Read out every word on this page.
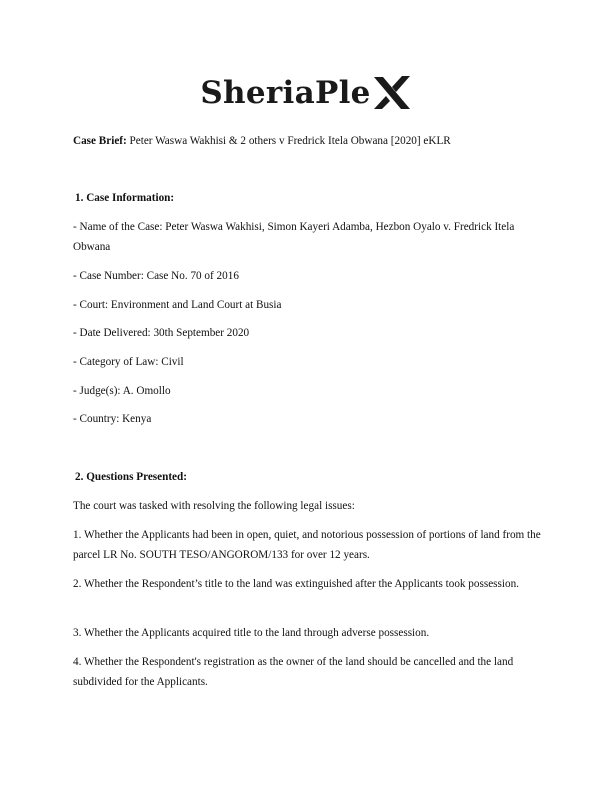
SheriaPle
Case Brief: Peter Waswa Wakhisi & 2 others v Fredrick Itela Obwana [2020] eKLR
1. Case Information:
- Name of the Case: Peter Waswa Wakhisi, Simon Kayeri Adamba, Hezbon Oyalo v. Fredrick Itela Obwana
- Case Number: Case No. 70 of 2016
- Court: Environment and Land Court at Busia
- Date Delivered: 30th September 2020
- Category of Law: Civil
- Judge(s): A. Omollo
- Country: Kenya
2. Questions Presented:
The court was tasked with resolving the following legal issues:
1. Whether the Applicants had been in open, quiet, and notorious possession of portions of land from the parcel LR No. SOUTH TESO/ANGOROM/133 for over 12 years.
2. Whether the Respondent’s title to the land was extinguished after the Applicants took possession.
3. Whether the Applicants acquired title to the land through adverse possession.
4. Whether the Respondent's registration as the owner of the land should be cancelled and the land subdivided for the Applicants.
